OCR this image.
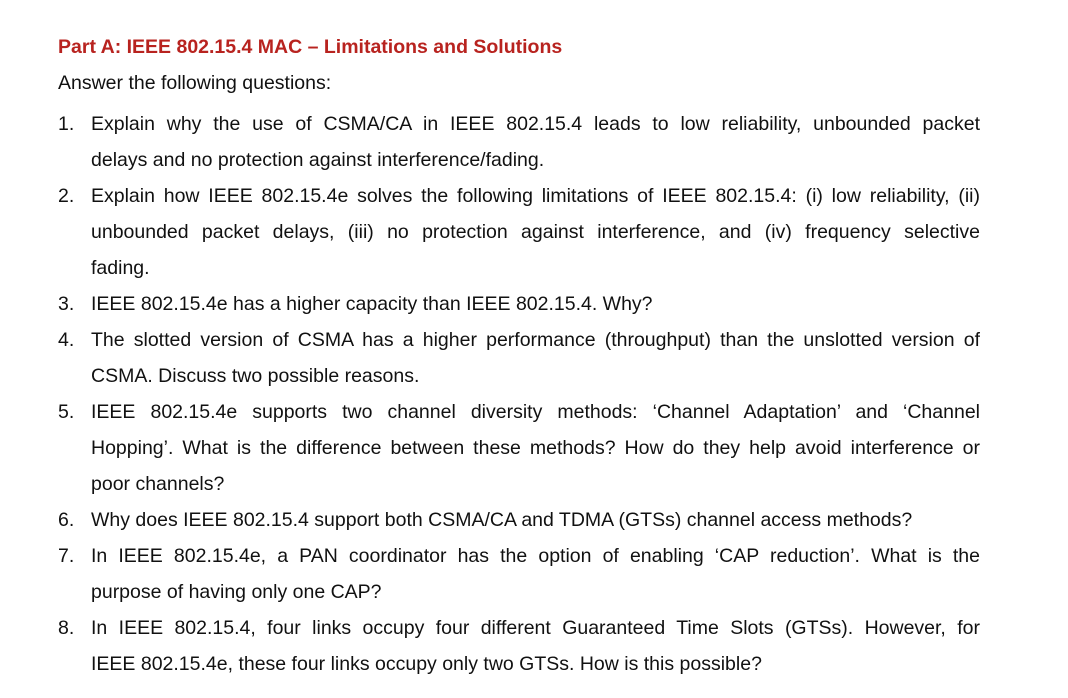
Part A: IEEE 802.15.4 MAC – Limitations and Solutions
Answer the following questions:
1. Explain why the use of CSMA/CA in IEEE 802.15.4 leads to low reliability, unbounded packet
delays and no protection against interference/fading.
2. Explain how IEEE 802.15.4e solves the following limitations of IEEE 802.15.4: (i) low reliability, (ii)
unbounded packet delays, (iii) no protection against interference, and (iv) frequency selective
fading.
3. IEEE 802.15.4e has a higher capacity than IEEE 802.15.4. Why?
4. The slotted version of CSMA has a higher performance (throughput) than the unslotted version of
CSMA. Discuss two possible reasons.
5. IEEE 802.15.4e supports two channel diversity methods: ‘Channel Adaptation’ and ‘Channel
Hopping’. What is the difference between these methods? How do they help avoid interference or
poor channels?
6. Why does IEEE 802.15.4 support both CSMA/CA and TDMA (GTSs) channel access methods?
7. In IEEE 802.15.4e, a PAN coordinator has the option of enabling ‘CAP reduction’. What is the
purpose of having only one CAP?
8. In IEEE 802.15.4, four links occupy four different Guaranteed Time Slots (GTSs). However, for
IEEE 802.15.4e, these four links occupy only two GTSs. How is this possible?
